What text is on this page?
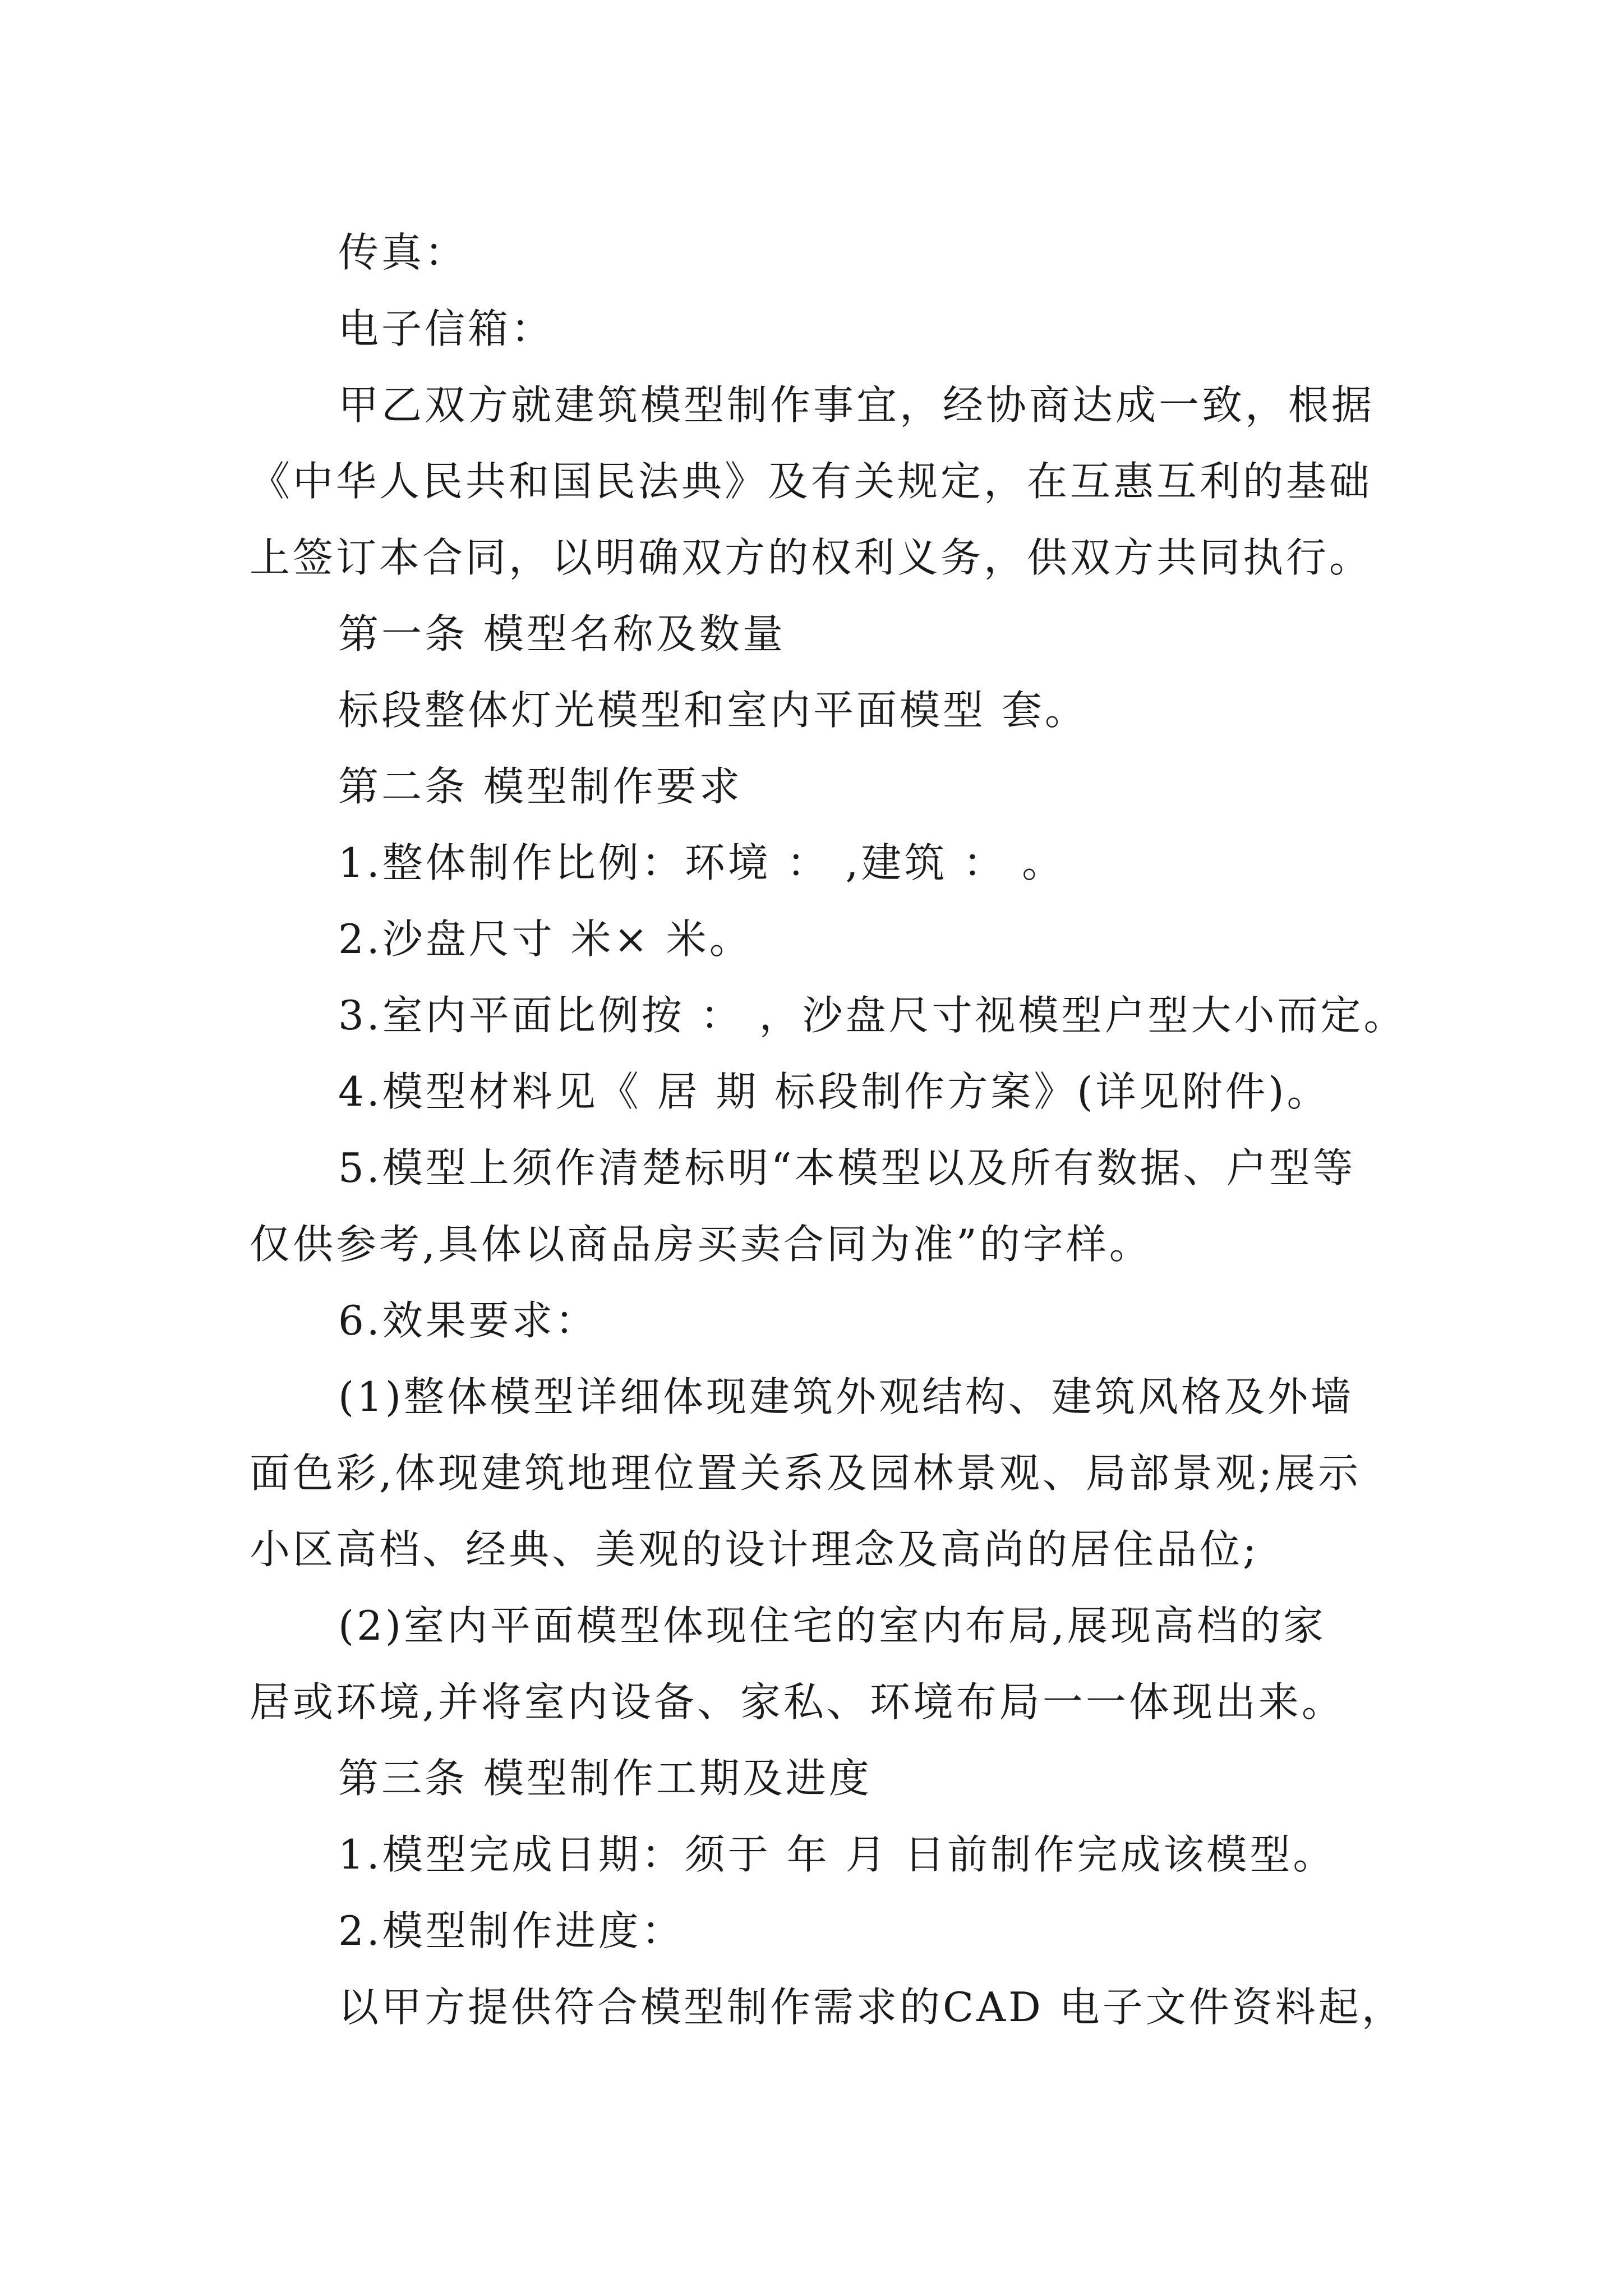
传真：
电子信箱：
甲乙双方就建筑模型制作事宜，经协商达成一致，根据
《中华人民共和国民法典》及有关规定，在互惠互利的基础
上签订本合同，以明确双方的权利义务，供双方共同执行。
第一条 模型名称及数量
标段整体灯光模型和室内平面模型 套。
第二条 模型制作要求
1.整体制作比例：环境 ： ,建筑 ： 。
2.沙盘尺寸 米× 米。
3.室内平面比例按 ： ，沙盘尺寸视模型户型大小而定。
4.模型材料见《 居 期 标段制作方案》(详见附件)。
5.模型上须作清楚标明“本模型以及所有数据、户型等
仅供参考,具体以商品房买卖合同为准”的字样。
6.效果要求：
(1)整体模型详细体现建筑外观结构、建筑风格及外墙
面色彩,体现建筑地理位置关系及园林景观、局部景观;展示
小区高档、经典、美观的设计理念及高尚的居住品位;
(2)室内平面模型体现住宅的室内布局,展现高档的家
居或环境,并将室内设备、家私、环境布局一一体现出来。
第三条 模型制作工期及进度
1.模型完成日期：须于 年 月 日前制作完成该模型。
2.模型制作进度：
以甲方提供符合模型制作需求的CAD 电子文件资料起，
